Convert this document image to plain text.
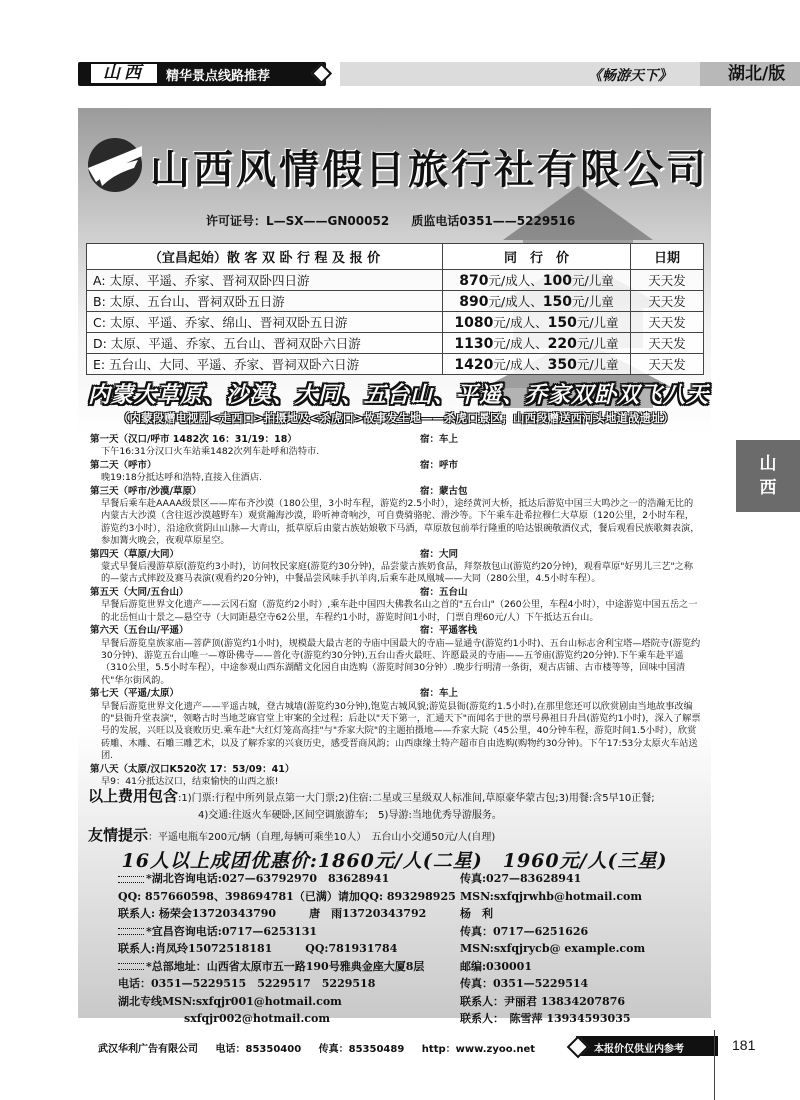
山西	精华景点线路推荐	《畅游天下》	湖北/版
山西风情假日旅行社有限公司
许可证号：L—SX——GN00052 质监电话0351——5229516
（宜昌起始）散 客 双 卧 行 程 及 报 价	同　行　价	日期
A: 太原、平遥、乔家、晋祠双卧四日游	870元/成人、100元/儿童	天天发
B: 太原、五台山、晋祠双卧五日游	890元/成人、150元/儿童	天天发
C: 太原、平遥、乔家、绵山、晋祠双卧五日游	1080元/成人、150元/儿童	天天发
D: 太原、平遥、乔家、五台山、晋祠双卧六日游	1130元/成人、220元/儿童	天天发
E: 五台山、大同、平遥、乔家、晋祠双卧六日游	1420元/成人、350元/儿童	天天发
内蒙大草原、沙漠、大同、五台山、平遥、乔家双卧双飞八天
（内蒙段赠电视剧<走西口>拍摄地及<杀虎口>故事发生地——杀虎口景区；山西段赠送西河头地道战遗址）
第一天（汉口/呼市 1482次 16：31/19：18）	宿：车上
下午16:31分汉口火车站乘1482次列车赴呼和浩特市.
第二天（呼市）	宿：呼市
晚19:18分抵达呼和浩特,直接入住酒店.
第三天（呼市/沙漠/草原）	宿：蒙古包
早餐后乘车赴AAAA级景区——库布齐沙漠（180公里，3小时车程，游览约2.5小时），途经黄河大桥，抵达后游览中国三大鸣沙之一的浩瀚无比的内蒙古大沙漠（含往返沙漠越野车）观赏瀚海沙漠，聆听神奇响沙，可自费骑骆驼、滑沙等。下午乘车赴希拉穆仁大草原（120公里，2小时车程，游览约3小时），沿途欣赏阴山山脉—大青山，抵草原后由蒙古族姑娘敬下马酒，草原敖包前举行隆重的哈达银碗敬酒仪式，餐后观看民族歌舞表演，参加篝火晚会，夜观草原星空。
第四天（草原/大同）	宿：大同
蒙式早餐后漫游草原(游览约3小时)，访问牧民家庭(游览约30分钟)，品尝蒙古族奶食品，拜祭敖包山(游览约20分钟)，观看草原"好男儿三艺"之称的—蒙古式摔跤及赛马表演(观看约20分钟)，中餐品尝风味手扒羊肉,后乘车赴凤凰城——大同（280公里，4.5小时车程）。
第五天（大同/五台山）	宿：五台山
早餐后游览世界文化遗产——云冈石窟（游览约2小时）,乘车赴中国四大佛教名山之首的"五台山"（260公里，车程4小时），中途游览中国五岳之一的北岳恒山十景之—悬空寺（大同距悬空寺62公里，车程约1小时，游览时间1小时，门票自理60元/人）下午抵达五台山。
第六天（五台山/平遥）	宿：平遥客栈
早餐后游览皇族家庙—菩萨顶(游览约1小时)，规模最大最古老的寺庙中国最大的寺庙—显通寺(游览约1小时)、五台山标志舍利宝塔—塔院寺(游览约30分钟)、游览五台山唯一—尊卧佛寺——普化寺(游览约30分钟),五台山香火最旺、许愿最灵的寺庙——五爷庙(游览约20分钟).下午乘车赴平遥（310公里，5.5小时车程），中途参观山西东湖醋文化园自由选购（游览时间30分钟）.晚步行明清一条街，观古店铺、古市楼等等，回味中国清代"华尔街风韵。
第七天（平遥/太原）	宿：车上
早餐后游览世界文化遗产——平遥古城，登古城墙(游览约30分钟),饱览古城风貌;游览县衙(游览约1.5小时),在那里您还可以欣赏剧由当地故事改编的"县衙升堂表演"，领略古时当地芝麻官堂上审案的全过程；后赴以"天下第一，汇通天下"而闻名于世的票号鼻祖日升昌(游览约1小时)，深入了解票号的发展，兴旺以及衰败历史.乘车赴"大红灯笼高高挂"与"乔家大院"的主题拍摄地——乔家大院（45公里，40分钟车程，游览时间1.5小时），欣赏砖雕、木雕、石雕三雕艺术，以及了解乔家的兴衰历史，感受晋商风韵；山西康缘土特产超市自由选购(购物约30分钟)。下午17:53分太原火车站送团.
第八天（太原/汉口K520次 17：53/09：41）
早9：41分抵达汉口，结束愉快的山西之旅!
以上费用包含:1)门票:行程中所列景点第一大门票;2)住宿:二星或三星级双人标准间,草原豪华蒙古包;3)用餐:含5早10正餐;
4)交通:往返火车硬卧,区间空调旅游车;　5)导游:当地优秀导游服务。
友情提示：平遥电瓶车200元/辆（自理,每辆可乘坐10人）　五台山小交通50元/人(自理)
16人以上成团优惠价:1860元/人(二星)　1960元/人(三星)
*湖北咨询电话:027—63792970　83628941	传真:027—83628941
QQ: 857660598、398694781（已满）请加QQ: 893298925 MSN:sxfqjrwhb@hotmail.com
联系人: 杨荣会13720343790　　　唐　雨13720343792	杨　利
*宜昌咨询电话:0717—6253131	传真：0717—6251626
联系人:肖凤玲15072518181　　　QQ:781931784	MSN:sxfqjrycb@ example.com
*总部地址：山西省太原市五一路190号雅典金座大厦8层	邮编:030001
电话：0351—5229515　5229517　5229518	传真：0351—5229514
湖北专线MSN:sxfqjr001@hotmail.com	联系人：尹丽君 13834207876
　　　　　　sxfqjr002@hotmail.com	联系人：　陈雪萍 13934593035
山西
武汉华利广告有限公司 电话：85350400 传真：85350489 http：www.zyoo.net	本报价仅供业内参考	181
